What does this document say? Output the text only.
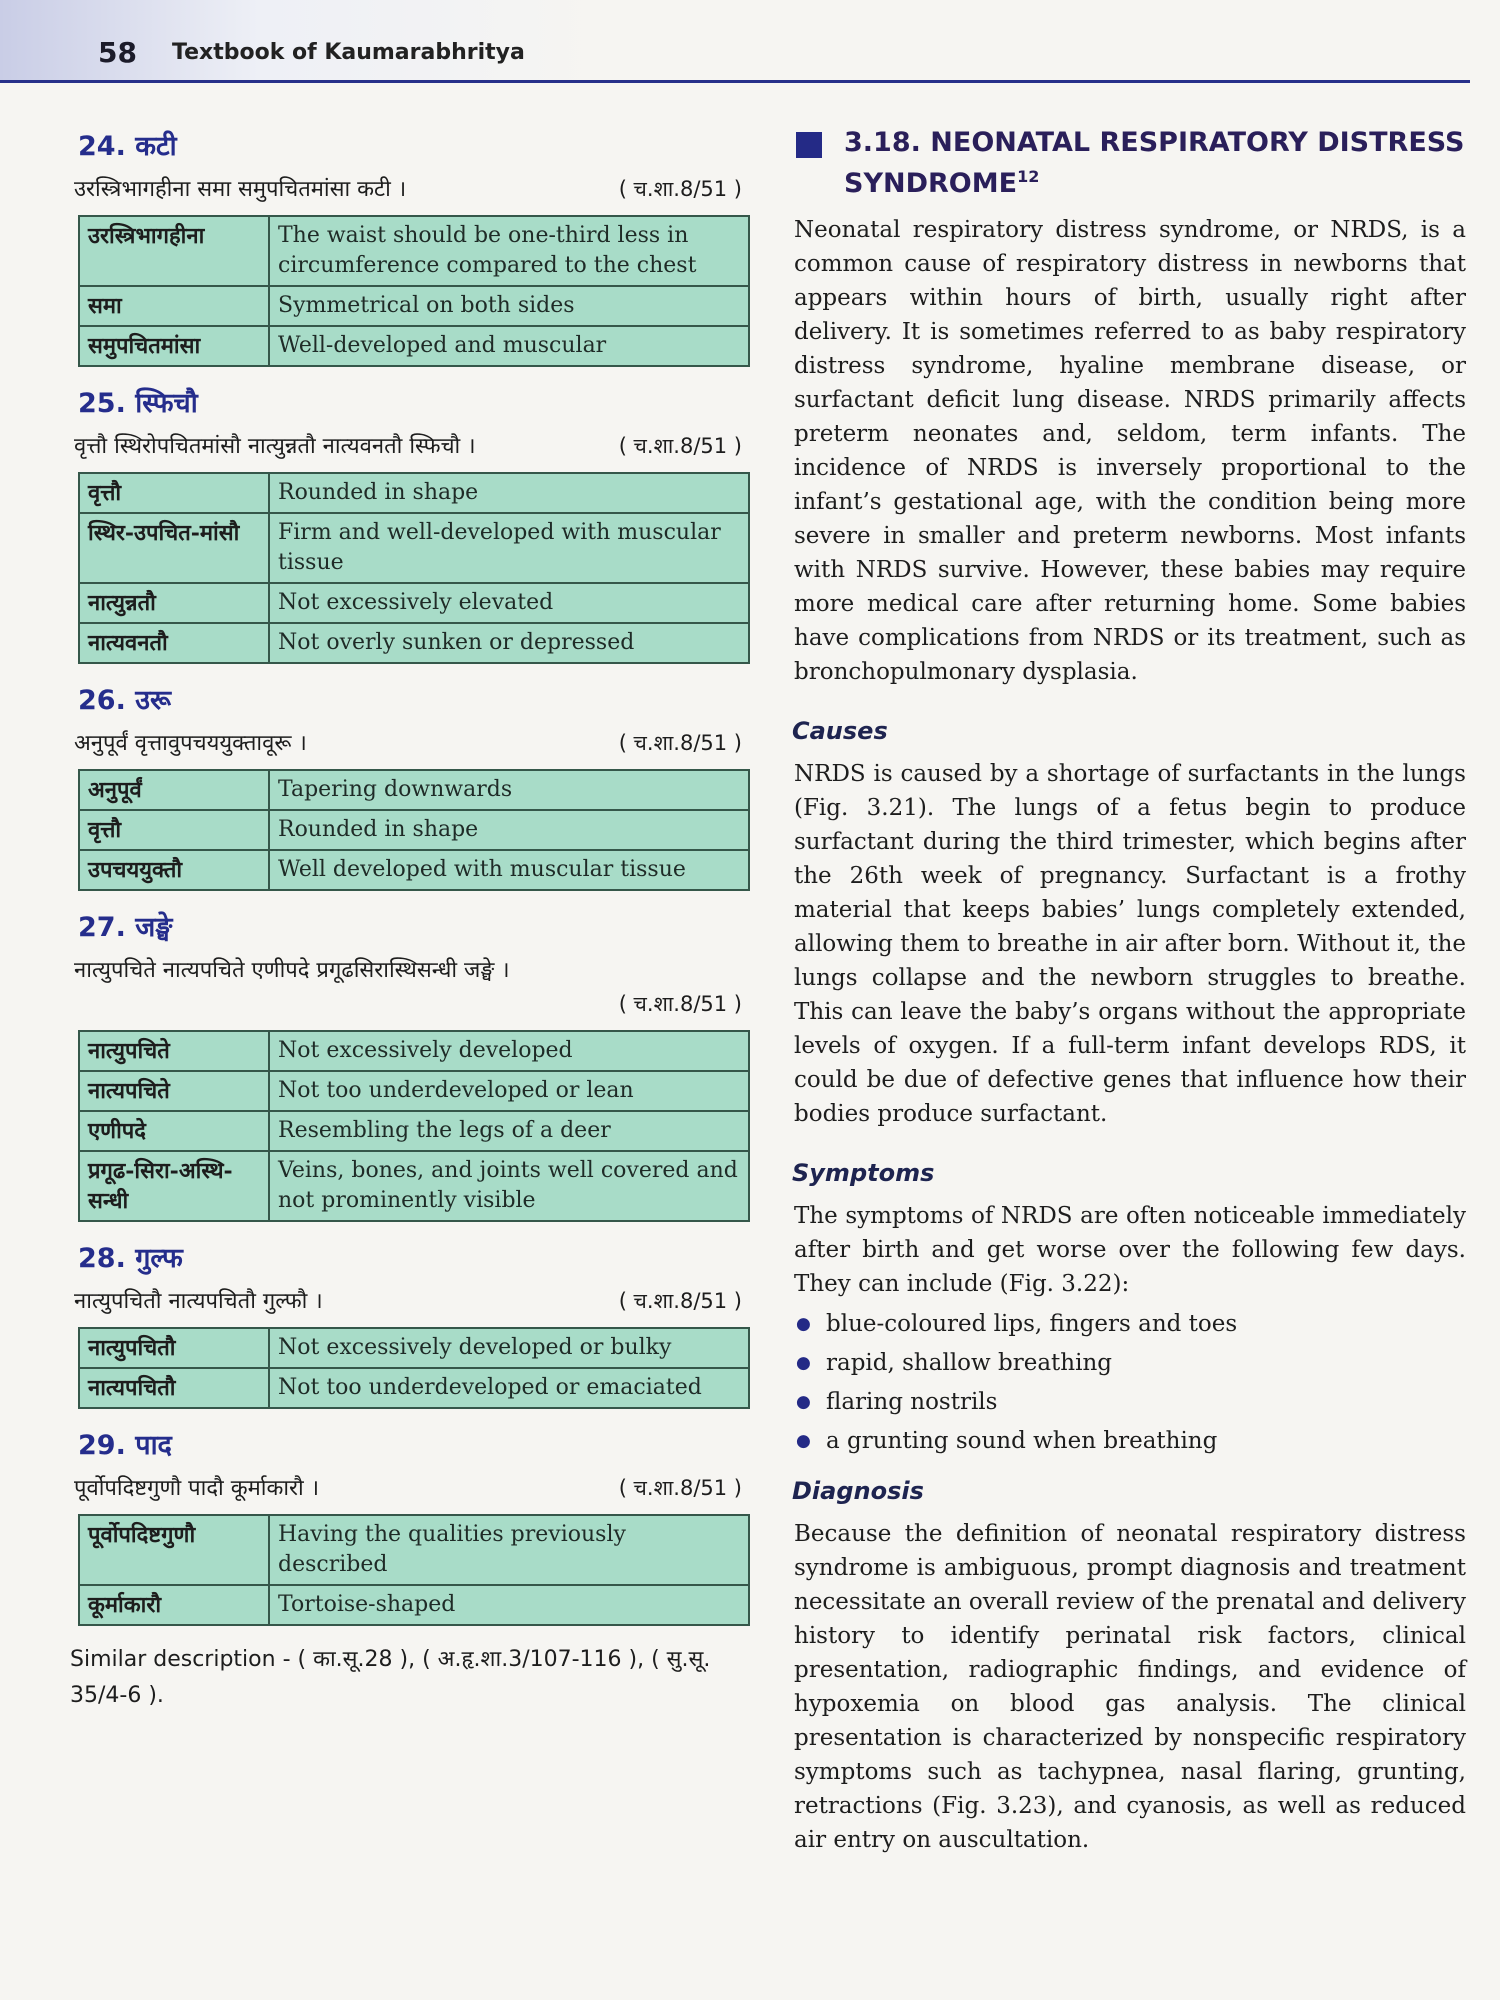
58 Textbook of Kaumarabhritya
24. कटी
उरस्त्रिभागहीना समा समुपचितमांसा कटी ।	( च.शा.8/51 )
उरस्त्रिभागहीना	The waist should be one-third less in circumference compared to the chest
समा	Symmetrical on both sides
समुपचितमांसा	Well-developed and muscular
25. स्फिचौ
वृत्तौ स्थिरोपचितमांसौ नात्युन्नतौ नात्यवनतौ स्फिचौ ।	( च.शा.8/51 )
वृत्तौ	Rounded in shape
स्थिर-उपचित-मांसौ	Firm and well-developed with muscular tissue
नात्युन्नतौ	Not excessively elevated
नात्यवनतौ	Not overly sunken or depressed
26. उरू
अनुपूर्वं वृत्तावुपचययुक्तावूरू ।	( च.शा.8/51 )
अनुपूर्वं	Tapering downwards
वृत्तौ	Rounded in shape
उपचययुक्तौ	Well developed with muscular tissue
27. जङ्घे
नात्युपचिते नात्यपचिते एणीपदे प्रगूढसिरास्थिसन्धी जङ्घे ।
( च.शा.8/51 )
नात्युपचिते	Not excessively developed
नात्यपचिते	Not too underdeveloped or lean
एणीपदे	Resembling the legs of a deer
प्रगूढ-सिरा-अस्थि-सन्धी	Veins, bones, and joints well covered and not prominently visible
28. गुल्फ
नात्युपचितौ नात्यपचितौ गुल्फौ ।	( च.शा.8/51 )
नात्युपचितौ	Not excessively developed or bulky
नात्यपचितौ	Not too underdeveloped or emaciated
29. पाद
पूर्वोपदिष्टगुणौ पादौ कूर्माकारौ ।	( च.शा.8/51 )
पूर्वोपदिष्टगुणौ	Having the qualities previously described
कूर्माकारौ	Tortoise-shaped
Similar description - ( का.सू.28 ), ( अ.हृ.शा.3/107-116 ), ( सु.सू. 35/4-6 ).
3.18. NEONATAL RESPIRATORY DISTRESS SYNDROME$^{12}$

Neonatal respiratory distress syndrome, or NRDS, is a common cause of respiratory distress in newborns that appears within hours of birth, usually right after delivery. It is sometimes referred to as baby respiratory distress syndrome, hyaline membrane disease, or surfactant deficit lung disease. NRDS primarily affects preterm neonates and, seldom, term infants. The incidence of NRDS is inversely proportional to the infant’s gestational age, with the condition being more severe in smaller and preterm newborns. Most infants with NRDS survive. However, these babies may require more medical care after returning home. Some babies have complications from NRDS or its treatment, such as bronchopulmonary dysplasia.

Causes

NRDS is caused by a shortage of surfactants in the lungs (Fig. 3.21). The lungs of a fetus begin to produce surfactant during the third trimester, which begins after the 26th week of pregnancy. Surfactant is a frothy material that keeps babies’ lungs completely extended, allowing them to breathe in air after born. Without it, the lungs collapse and the newborn struggles to breathe. This can leave the baby’s organs without the appropriate levels of oxygen. If a full-term infant develops RDS, it could be due of defective genes that influence how their bodies produce surfactant.

Symptoms

The symptoms of NRDS are often noticeable immediately after birth and get worse over the following few days. They can include (Fig. 3.22):

● blue-coloured lips, fingers and toes
● rapid, shallow breathing
● flaring nostrils
● a grunting sound when breathing
Diagnosis

Because the definition of neonatal respiratory distress syndrome is ambiguous, prompt diagnosis and treatment necessitate an overall review of the prenatal and delivery history to identify perinatal risk factors, clinical presentation, radiographic findings, and evidence of hypoxemia on blood gas analysis. The clinical presentation is characterized by nonspecific respiratory symptoms such as tachypnea, nasal flaring, grunting, retractions (Fig. 3.23), and cyanosis, as well as reduced air entry on auscultation.
